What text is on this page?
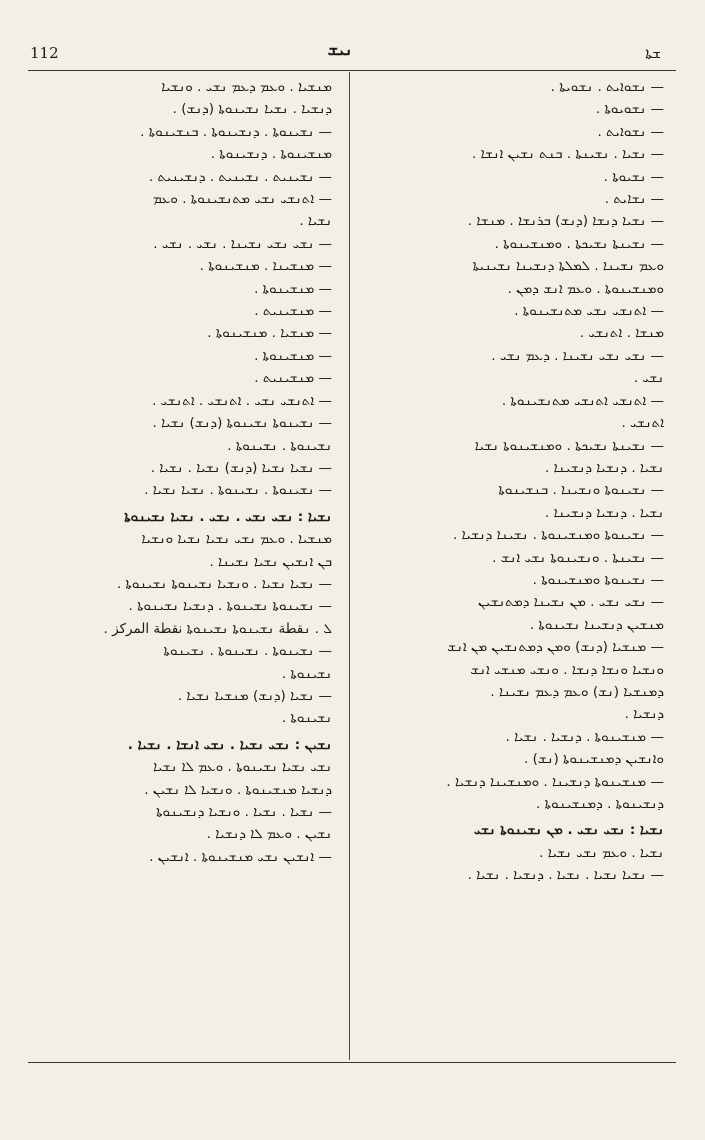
112	ܢܝܫ	ܫܬܐ

— ܢܫܘܐܝܬ . ܢܫܘܝܬܐ .

— ܢܫܘܝܘܬܐ .

— ܢܫܘܐܝܬ .

— ܢܫܝܐ . ܢܫܝܢܬܐ . ܒܢܬ ܢܫܝܢ ܐܢܫܐ .

— ܢܫܝܘܬܐ .

— ܢܫܐܝܬ .

— ܢܫܝܐ ܕܢܫܐ (ܕܢܫ) ܒܪܢܫܐ . ܡܢܫܐ .

— ܢܫܝܢܬܐ ܢܫܝܟܬܐ . ܘܡܢܫܝܢܘܬܐ .

ܘܥܡ ܢܫܝܢܐ . ܠܡܠܬܐ ܕܢܫܝܢܐ ܢܫܝܢܝܬܐ

ܘܡܢܫܝܢܘܬܐ . ܘܥܡ ܐܢܫ ܕܡܢ .

— ܐܬܢܫܝ ܢܫܝ ܡܬܢܫܝܢܘܬܐ .

ܡܢܫܐ . ܐܬܢܫܝ .

— ܢܫܝ ܢܫܝ ܢܫܝܢܐ . ܕܥܡ ܢܫܝ .

ܢܫܝ .

— ܐܬܢܫܝ ܐܬܢܫܝ ܡܬܢܫܝܢܘܬܐ .

ܐܬܢܫܝ .

— ܢܫܝܢܬܐ ܢܫܝܟܬܐ . ܘܡܢܫܝܢܘܬܐ ܢܫܝܐ

ܢܫܝܐ . ܕܢܫܝܐ ܕܢܫܝܢܐ .

— ܢܫܝܢܘܬܐ ܘܢܫܝܢܐ . ܒܢܫܝܢܘܬܐ

ܢܫܝܐ . ܕܢܫܝܐ ܕܢܫܝܢܐ .

— ܢܫܝܢܘܬܐ ܘܡܢܫܝܢܘܬܐ . ܢܫܝܢܐ ܕܢܫܝܐ .

— ܢܫܝܢܬܐ . ܘܢܫܝܢܘܬܐ ܢܫܝ ܐܢܫ .

— ܢܫܝܢܘܬܐ ܘܡܢܫܝܢܘܬܐ .

— ܢܫܝ ܢܫܝ . ܡܢ ܢܫܝܢܐ ܕܡܬܢܫܝܢ

ܡܢܫܝܢ ܕܢܫܝܢܐ ܢܫܝܢܘܬܐ .

— ܡܢܫܝܐ (ܕܢܫ) ܘܡܢ ܕܡܬܢܫܝܢ ܡܢ ܐܢܫ

ܘܢܫܝܐ ܘܢܫܐ ܕܢܫܐ . ܘܢܫܝ ܡܢܫܝ ܐܢܫ

ܕܡܢܫܝܐ (ܢܫ) ܘܥܡ ܕܥܡ ܢܫܝܢܐ .

ܕܢܫܝܐ .

— ܡܢܫܝܢܘܬܐ . ܕܢܫܝܐ . ܢܫܝܐ .

ܘܐܢܫܝܢ ܕܡܢܫܝܢܘܬܐ (ܢܫ) .

— ܡܢܫܝܢܘܬܐ ܕܢܫܝܢܐ . ܘܡܢܫܝܢܐ ܕܢܫܝܐ .

ܕܢܫܝܢܘܬܐ . ܕܡܢܫܝܢܘܬܐ .

ܢܫܝܐ : ܢܫܝ ܢܫܝ . ܡܢ ܢܫܝܢܘܬܐ ܢܫܝ

ܢܫܝܐ . ܘܥܡ ܢܫܝ ܢܫܝܐ .

— ܢܫܝܐ ܢܫܝܐ . ܢܫܝܐ . ܕܢܫܝܐ . ܢܫܝܐ .

ܡܢܫܝܐ . ܘܥܡ ܕܥܡ ܢܫܝ . ܘܢܫܝܐ

ܕܢܫܝܐ . ܢܫܝܐ ܢܫܝܢܘܬܐ (ܕܢܫ) .

— ܢܫܝܢܘܬܐ . ܕܢܫܝܢܘܬܐ . ܒܢܫܝܢܘܬܐ .

ܡܢܫܝܢܘܬܐ . ܕܢܫܝܢܘܬܐ .

— ܢܫܝܢܝܬ . ܢܫܝܢܝܬ . ܕܢܫܝܢܝܬ .

— ܐܬܢܫܝ ܢܫܝ ܡܬܢܫܝܢܘܬܐ . ܘܥܡ

ܢܫܝܐ .

— ܢܫܝ ܢܫܝ ܢܫܝܢܐ . ܢܫܝ . ܢܫܝ .

— ܡܢܫܝܢܐ . ܡܢܫܝܢܘܬܐ .

— ܡܢܫܝܢܘܬܐ .

— ܡܢܫܝܢܝܬ .

— ܡܢܫܝܐ . ܡܢܫܝܢܘܬܐ .

— ܡܢܫܝܢܘܬܐ .

— ܡܢܫܝܢܝܬ .

— ܐܬܢܫܝ ܢܫܝ . ܐܬܢܫܝ . ܐܬܢܫܝ .

— ܢܫܝܢܘܬܐ ܢܫܝܢܘܬܐ (ܕܢܫ) ܢܫܝܐ .

ܢܫܝܢܘܬܐ . ܢܫܝܢܘܬܐ .

— ܢܫܝܐ ܢܫܝܐ (ܕܢܫ) ܢܫܝܐ . ܢܫܝܐ .

— ܢܫܝܢܘܬܐ . ܢܫܝܢܘܬܐ . ܢܫܝܐ ܢܫܝܐ .

ܢܫܝܐ : ܢܫܝ ܢܫܝ . ܢܫܝ . ܢܫܝܐ ܢܫܝܢܘܬܐ

ܡܢܫܝܐ . ܘܥܡ ܢܫܝ ܢܫܝܐ ܢܫܝܐ ܘܢܫܝܐ

ܒܢ ܐܢܫܝܢ ܢܫܝܐ ܢܫܝܢܐ .

— ܢܫܝܐ ܢܫܝܐ . ܘܢܫܝܐ ܢܫܝܢܘܬܐ ܢܫܝܢܘܬܐ .

— ܢܫܝܢܘܬܐ ܢܫܝܢܘܬܐ . ܕܢܫܝܐ ܢܫܝܢܘܬܐ .

ܠ . ܢقطة ܢܫܝܢܘܬܐ ܢܫܝܢܘܬܐ نقطة المركز .

— ܢܫܝܢܘܬܐ . ܢܫܝܢܘܬܐ . ܢܫܝܢܘܬܐ

ܢܫܝܢܘܬܐ .

— ܢܫܝܐ (ܕܢܫ) ܡܢܫܝܐ ܢܫܝܐ .

ܢܫܝܢܘܬܐ .

ܢܫܝܢ : ܢܫܝ ܢܫܝܐ . ܢܫܝ ܐܢܫܐ . ܢܫܝܐ .

ܢܫܝ ܢܫܝܐ ܢܫܝܢܘܬܐ . ܘܥܡ ܠܐ ܢܫܝܐ

ܕܢܫܝܐ ܡܢܫܝܢܘܬܐ . ܘܢܫܝܐ ܠܐ ܢܫܝܢ .

— ܢܫܝܐ . ܢܫܝܐ . ܘܢܫܝܐ ܕܢܫܝܢܘܬܐ

ܢܫܝܢ . ܘܥܡ ܠܐ ܕܢܫܝܐ .

— ܐܢܫܝܢ ܢܫܝ ܡܢܫܝܢܘܬܐ . ܐܢܫܝܢ .
